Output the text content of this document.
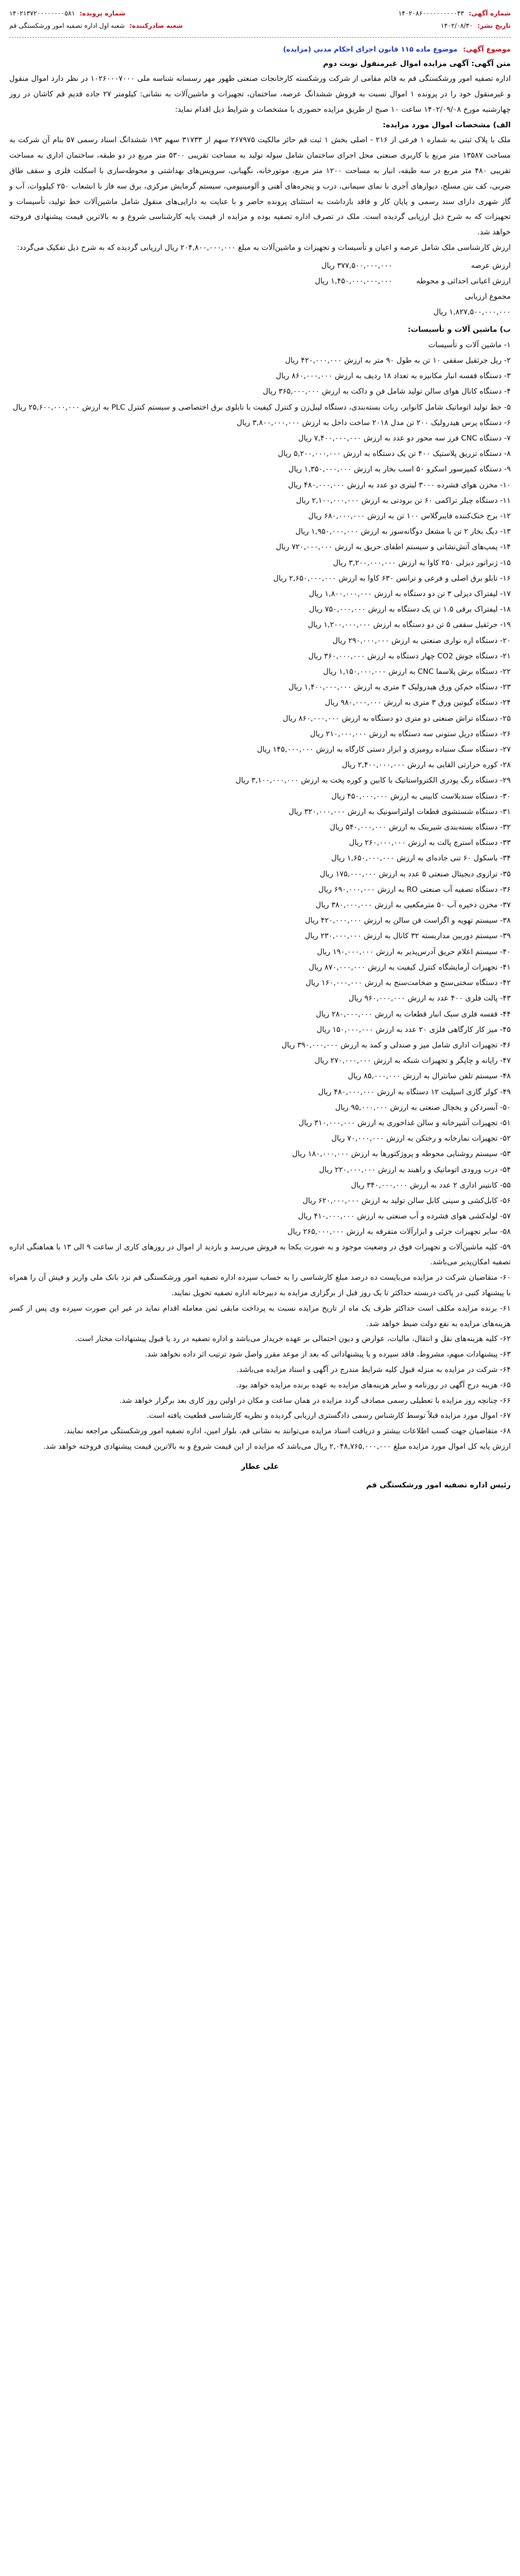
شماره آگهی: ۱۴۰۲۰۸۶۰۰۰۰۰۰۰۰۰۰۴۳
شماره پرونده: ۱۴۰۲۱۳۷۲۰۰۰۰۰۰۰۰۵۸۱
تاریخ نشر: ۱۴۰۲/۰۸/۳۰
شعبه صادرکننده: شعبه اول اداره تصفیه امور ورشکستگی قم
موضوع آگهی: موضوع ماده ۱۱۵ قانون اجرای احکام مدنی (مزایده)

متن آگهی: آگهی مزایده اموال غیرمنقول نوبت دوم

اداره تصفیه امور ورشکستگی قم به قائم مقامی از شرکت ورشکسته کارخانجات صنعتی ظهور مهر رسسانه شناسه ملی ۱۰۲۶۰۰۰۷۰۰۰ در نظر دارد اموال منقول و غیرمنقول خود را در پرونده ۱ اموال نسبت به فروش ششدانگ عرصه، ساختمان، تجهیزات و ماشین‌آلات به نشانی: کیلومتر ۲۷ جاده قدیم قم کاشان در روز چهارشنبه مورخ ۱۴۰۲/۰۹/۰۸ ساعت ۱۰ صبح از طریق مزایده حضوری با مشخصات و شرایط ذیل اقدام نماید:

الف) مشخصات اموال مورد مزایده:

ملک با پلاک ثبتی به شماره ۱ فرعی از ۲۱۶ - اصلی بخش ۱ ثبت قم حائز مالکیت ۲۶۷۹۷۵ سهم از ۳۱۷۳۳ سهم ۱۹۳ ششدانگ اسناد رسمی ۵۷ بنام آن شرکت به مساحت ۱۳۵۸۷ متر مربع با کاربری صنعتی محل اجرای ساختمان شامل سوله تولید به مساحت تقریبی ۵۳۰۰ متر مربع در دو طبقه، ساختمان اداری به مساحت تقریبی ۴۸۰ متر مربع در سه طبقه، انبار به مساحت ۱۲۰۰ متر مربع، موتورخانه، نگهبانی، سرویس‌های بهداشتی و محوطه‌سازی با اسکلت فلزی و سقف طاق ضربی، کف بتن مسلح، دیوارهای آجری با نمای سیمانی، درب و پنجره‌های آهنی و آلومینیومی، سیستم گرمایش مرکزی، برق سه فاز با انشعاب ۲۵۰ کیلووات، آب و گاز شهری دارای سند رسمی و پایان کار و فاقد بازداشت به استثنای پرونده حاضر و با عنایت به دارایی‌های منقول شامل ماشین‌آلات خط تولید، تأسیسات و تجهیزات که به شرح ذیل ارزیابی گردیده است. ملک در تصرف اداره تصفیه بوده و مزایده از قیمت پایه کارشناسی شروع و به بالاترین قیمت پیشنهادی فروخته خواهد شد.

ارزش کارشناسی ملک شامل عرصه و اعیان و تأسیسات و تجهیزات و ماشین‌آلات به مبلغ ۲۰۴,۸۰۰,۰۰۰,۰۰۰ ریال ارزیابی گردیده که به شرح ذیل تفکیک می‌گردد:

ارزش عرصه
۳۷۷,۵۰۰,۰۰۰,۰۰۰ ریال
ارزش اعیانی احداثی و محوطه
۱,۴۵۰,۰۰۰,۰۰۰,۰۰۰ ریال
مجموع ارزیابی
۱,۸۲۷,۵۰۰,۰۰۰,۰۰۰ ریال
ب) ماشین آلات و تأسیسات:
۱- ماشین آلات و تأسیسات
۲- ریل جرثقیل سقفی ۱۰ تن به طول ۹۰ متر به ارزش ۴۲۰,۰۰۰,۰۰۰ ریال
۳- دستگاه قفسه انبار مکانیزه به تعداد ۱۸ ردیف به ارزش ۸۶۰,۰۰۰,۰۰۰ ریال
۴- دستگاه کانال هوای سالن تولید شامل فن و داکت به ارزش ۳۶۵,۰۰۰,۰۰۰ ریال
۵- خط تولید اتوماتیک شامل کانوایر، ربات بسته‌بندی، دستگاه لیبل‌زن و کنترل کیفیت با تابلوی برق اختصاصی و سیستم کنترل PLC به ارزش ۲۵,۶۰۰,۰۰۰,۰۰۰ ریال
۶- دستگاه پرس هیدرولیک ۲۰۰ تن مدل ۲۰۱۸ ساخت داخل به ارزش ۳,۸۰۰,۰۰۰,۰۰۰ ریال
۷- دستگاه CNC فرز سه محور دو عدد به ارزش ۷,۴۰۰,۰۰۰,۰۰۰ ریال
۸- دستگاه تزریق پلاستیک ۴۰۰ تن یک دستگاه به ارزش ۵,۲۰۰,۰۰۰,۰۰۰ ریال
۹- دستگاه کمپرسور اسکرو ۵۰ اسب بخار به ارزش ۱,۳۵۰,۰۰۰,۰۰۰ ریال
۱۰- مخزن هوای فشرده ۳۰۰۰ لیتری دو عدد به ارزش ۴۸۰,۰۰۰,۰۰۰ ریال
۱۱- دستگاه چیلر تراکمی ۶۰ تن برودتی به ارزش ۲,۱۰۰,۰۰۰,۰۰۰ ریال
۱۲- برج خنک‌کننده فایبرگلاس ۱۰۰ تن به ارزش ۶۸۰,۰۰۰,۰۰۰ ریال
۱۳- دیگ بخار ۲ تن با مشعل دوگانه‌سوز به ارزش ۱,۹۵۰,۰۰۰,۰۰۰ ریال
۱۴- پمپ‌های آتش‌نشانی و سیستم اطفای حریق به ارزش ۷۲۰,۰۰۰,۰۰۰ ریال
۱۵- ژنراتور دیزلی ۲۵۰ کاوا به ارزش ۳,۲۰۰,۰۰۰,۰۰۰ ریال
۱۶- تابلو برق اصلی و فرعی و ترانس ۶۳۰ کاوا به ارزش ۲,۶۵۰,۰۰۰,۰۰۰ ریال
۱۷- لیفتراک دیزلی ۳ تن دو دستگاه به ارزش ۱,۸۰۰,۰۰۰,۰۰۰ ریال
۱۸- لیفتراک برقی ۱.۵ تن یک دستگاه به ارزش ۷۵۰,۰۰۰,۰۰۰ ریال
۱۹- جرثقیل سقفی ۵ تن دو دستگاه به ارزش ۱,۲۰۰,۰۰۰,۰۰۰ ریال
۲۰- دستگاه اره نواری صنعتی به ارزش ۲۹۰,۰۰۰,۰۰۰ ریال
۲۱- دستگاه جوش CO2 چهار دستگاه به ارزش ۳۶۰,۰۰۰,۰۰۰ ریال
۲۲- دستگاه برش پلاسما CNC به ارزش ۱,۱۵۰,۰۰۰,۰۰۰ ریال
۲۳- دستگاه خم‌کن ورق هیدرولیک ۳ متری به ارزش ۱,۴۰۰,۰۰۰,۰۰۰ ریال
۲۴- دستگاه گیوتین ورق ۳ متری به ارزش ۹۸۰,۰۰۰,۰۰۰ ریال
۲۵- دستگاه تراش صنعتی دو متری دو دستگاه به ارزش ۸۶۰,۰۰۰,۰۰۰ ریال
۲۶- دستگاه دریل ستونی سه دستگاه به ارزش ۲۱۰,۰۰۰,۰۰۰ ریال
۲۷- دستگاه سنگ سنباده رومیزی و ابزار دستی کارگاه به ارزش ۱۴۵,۰۰۰,۰۰۰ ریال
۲۸- کوره حرارتی القایی به ارزش ۲,۴۰۰,۰۰۰,۰۰۰ ریال
۲۹- دستگاه رنگ پودری الکترواستاتیک با کابین و کوره پخت به ارزش ۳,۱۰۰,۰۰۰,۰۰۰ ریال
۳۰- دستگاه سندبلاست کابینی به ارزش ۴۵۰,۰۰۰,۰۰۰ ریال
۳۱- دستگاه شستشوی قطعات اولتراسونیک به ارزش ۳۲۰,۰۰۰,۰۰۰ ریال
۳۲- دستگاه بسته‌بندی شیرینک به ارزش ۵۴۰,۰۰۰,۰۰۰ ریال
۳۳- دستگاه استرچ پالت به ارزش ۲۶۰,۰۰۰,۰۰۰ ریال
۳۴- باسکول ۶۰ تنی جاده‌ای به ارزش ۱,۶۵۰,۰۰۰,۰۰۰ ریال
۳۵- ترازوی دیجیتال صنعتی ۵ عدد به ارزش ۱۷۵,۰۰۰,۰۰۰ ریال
۳۶- دستگاه تصفیه آب صنعتی RO به ارزش ۶۹۰,۰۰۰,۰۰۰ ریال
۳۷- مخزن ذخیره آب ۵۰ مترمکعبی به ارزش ۳۸۰,۰۰۰,۰۰۰ ریال
۳۸- سیستم تهویه و اگزاست فن سالن به ارزش ۴۲۰,۰۰۰,۰۰۰ ریال
۳۹- سیستم دوربین مداربسته ۳۲ کانال به ارزش ۲۳۰,۰۰۰,۰۰۰ ریال
۴۰- سیستم اعلام حریق آدرس‌پذیر به ارزش ۱۹۰,۰۰۰,۰۰۰ ریال
۴۱- تجهیزات آزمایشگاه کنترل کیفیت به ارزش ۸۷۰,۰۰۰,۰۰۰ ریال
۴۲- دستگاه سختی‌سنج و ضخامت‌سنج به ارزش ۱۶۰,۰۰۰,۰۰۰ ریال
۴۳- پالت فلزی ۴۰۰ عدد به ارزش ۹۶۰,۰۰۰,۰۰۰ ریال
۴۴- قفسه فلزی سبک انبار قطعات به ارزش ۲۸۰,۰۰۰,۰۰۰ ریال
۴۵- میز کار کارگاهی فلزی ۲۰ عدد به ارزش ۱۵۰,۰۰۰,۰۰۰ ریال
۴۶- تجهیزات اداری شامل میز و صندلی و کمد به ارزش ۳۹۰,۰۰۰,۰۰۰ ریال
۴۷- رایانه و چاپگر و تجهیزات شبکه به ارزش ۲۷۰,۰۰۰,۰۰۰ ریال
۴۸- سیستم تلفن سانترال به ارزش ۸۵,۰۰۰,۰۰۰ ریال
۴۹- کولر گازی اسپلیت ۱۲ دستگاه به ارزش ۴۸۰,۰۰۰,۰۰۰ ریال
۵۰- آبسردکن و یخچال صنعتی به ارزش ۹۵,۰۰۰,۰۰۰ ریال
۵۱- تجهیزات آشپزخانه و سالن غذاخوری به ارزش ۳۱۰,۰۰۰,۰۰۰ ریال
۵۲- تجهیزات نمازخانه و رختکن به ارزش ۷۰,۰۰۰,۰۰۰ ریال
۵۳- سیستم روشنایی محوطه و پروژکتورها به ارزش ۱۸۰,۰۰۰,۰۰۰ ریال
۵۴- درب ورودی اتوماتیک و راهبند به ارزش ۲۲۰,۰۰۰,۰۰۰ ریال
۵۵- کانتینر اداری ۲ عدد به ارزش ۳۴۰,۰۰۰,۰۰۰ ریال
۵۶- کابل‌کشی و سینی کابل سالن تولید به ارزش ۶۲۰,۰۰۰,۰۰۰ ریال
۵۷- لوله‌کشی هوای فشرده و آب صنعتی به ارزش ۴۱۰,۰۰۰,۰۰۰ ریال
۵۸- سایر تجهیزات جزئی و ابزارآلات متفرقه به ارزش ۲۶۵,۰۰۰,۰۰۰ ریال

۵۹- کلیه ماشین‌آلات و تجهیزات فوق در وضعیت موجود و به صورت یکجا به فروش می‌رسد و بازدید از اموال در روزهای کاری از ساعت ۹ الی ۱۳ با هماهنگی اداره تصفیه امکان‌پذیر می‌باشد.

۶۰- متقاضیان شرکت در مزایده می‌بایست ده درصد مبلغ کارشناسی را به حساب سپرده اداره تصفیه امور ورشکستگی قم نزد بانک ملی واریز و فیش آن را همراه با پیشنهاد کتبی در پاکت دربسته حداکثر تا یک روز قبل از برگزاری مزایده به دبیرخانه اداره تصفیه تحویل نمایند.

۶۱- برنده مزایده مکلف است حداکثر ظرف یک ماه از تاریخ مزایده نسبت به پرداخت مابقی ثمن معامله اقدام نماید در غیر این صورت سپرده وی پس از کسر هزینه‌های مزایده به نفع دولت ضبط خواهد شد.

۶۲- کلیه هزینه‌های نقل و انتقال، مالیات، عوارض و دیون احتمالی بر عهده خریدار می‌باشد و اداره تصفیه در رد یا قبول پیشنهادات مختار است.

۶۳- پیشنهادات مبهم، مشروط، فاقد سپرده و یا پیشنهاداتی که بعد از موعد مقرر واصل شود ترتیب اثر داده نخواهد شد.

۶۴- شرکت در مزایده به منزله قبول کلیه شرایط مندرج در آگهی و اسناد مزایده می‌باشد.

۶۵- هزینه درج آگهی در روزنامه و سایر هزینه‌های مزایده به عهده برنده مزایده خواهد بود.

۶۶- چنانچه روز مزایده با تعطیلی رسمی مصادف گردد مزایده در همان ساعت و مکان در اولین روز کاری بعد برگزار خواهد شد.

۶۷- اموال مورد مزایده قبلاً توسط کارشناس رسمی دادگستری ارزیابی گردیده و نظریه کارشناسی قطعیت یافته است.

۶۸- متقاضیان جهت کسب اطلاعات بیشتر و دریافت اسناد مزایده می‌توانند به نشانی قم، بلوار امین، اداره تصفیه امور ورشکستگی مراجعه نمایند.

ارزش پایه کل اموال مورد مزایده مبلغ ۲,۰۴۸,۷۶۵,۰۰۰,۰۰۰ ریال می‌باشد که مزایده از این قیمت شروع و به بالاترین قیمت پیشنهادی فروخته خواهد شد.

علی عطار
رئیس اداره تصفیه امور ورشکستگی قم
